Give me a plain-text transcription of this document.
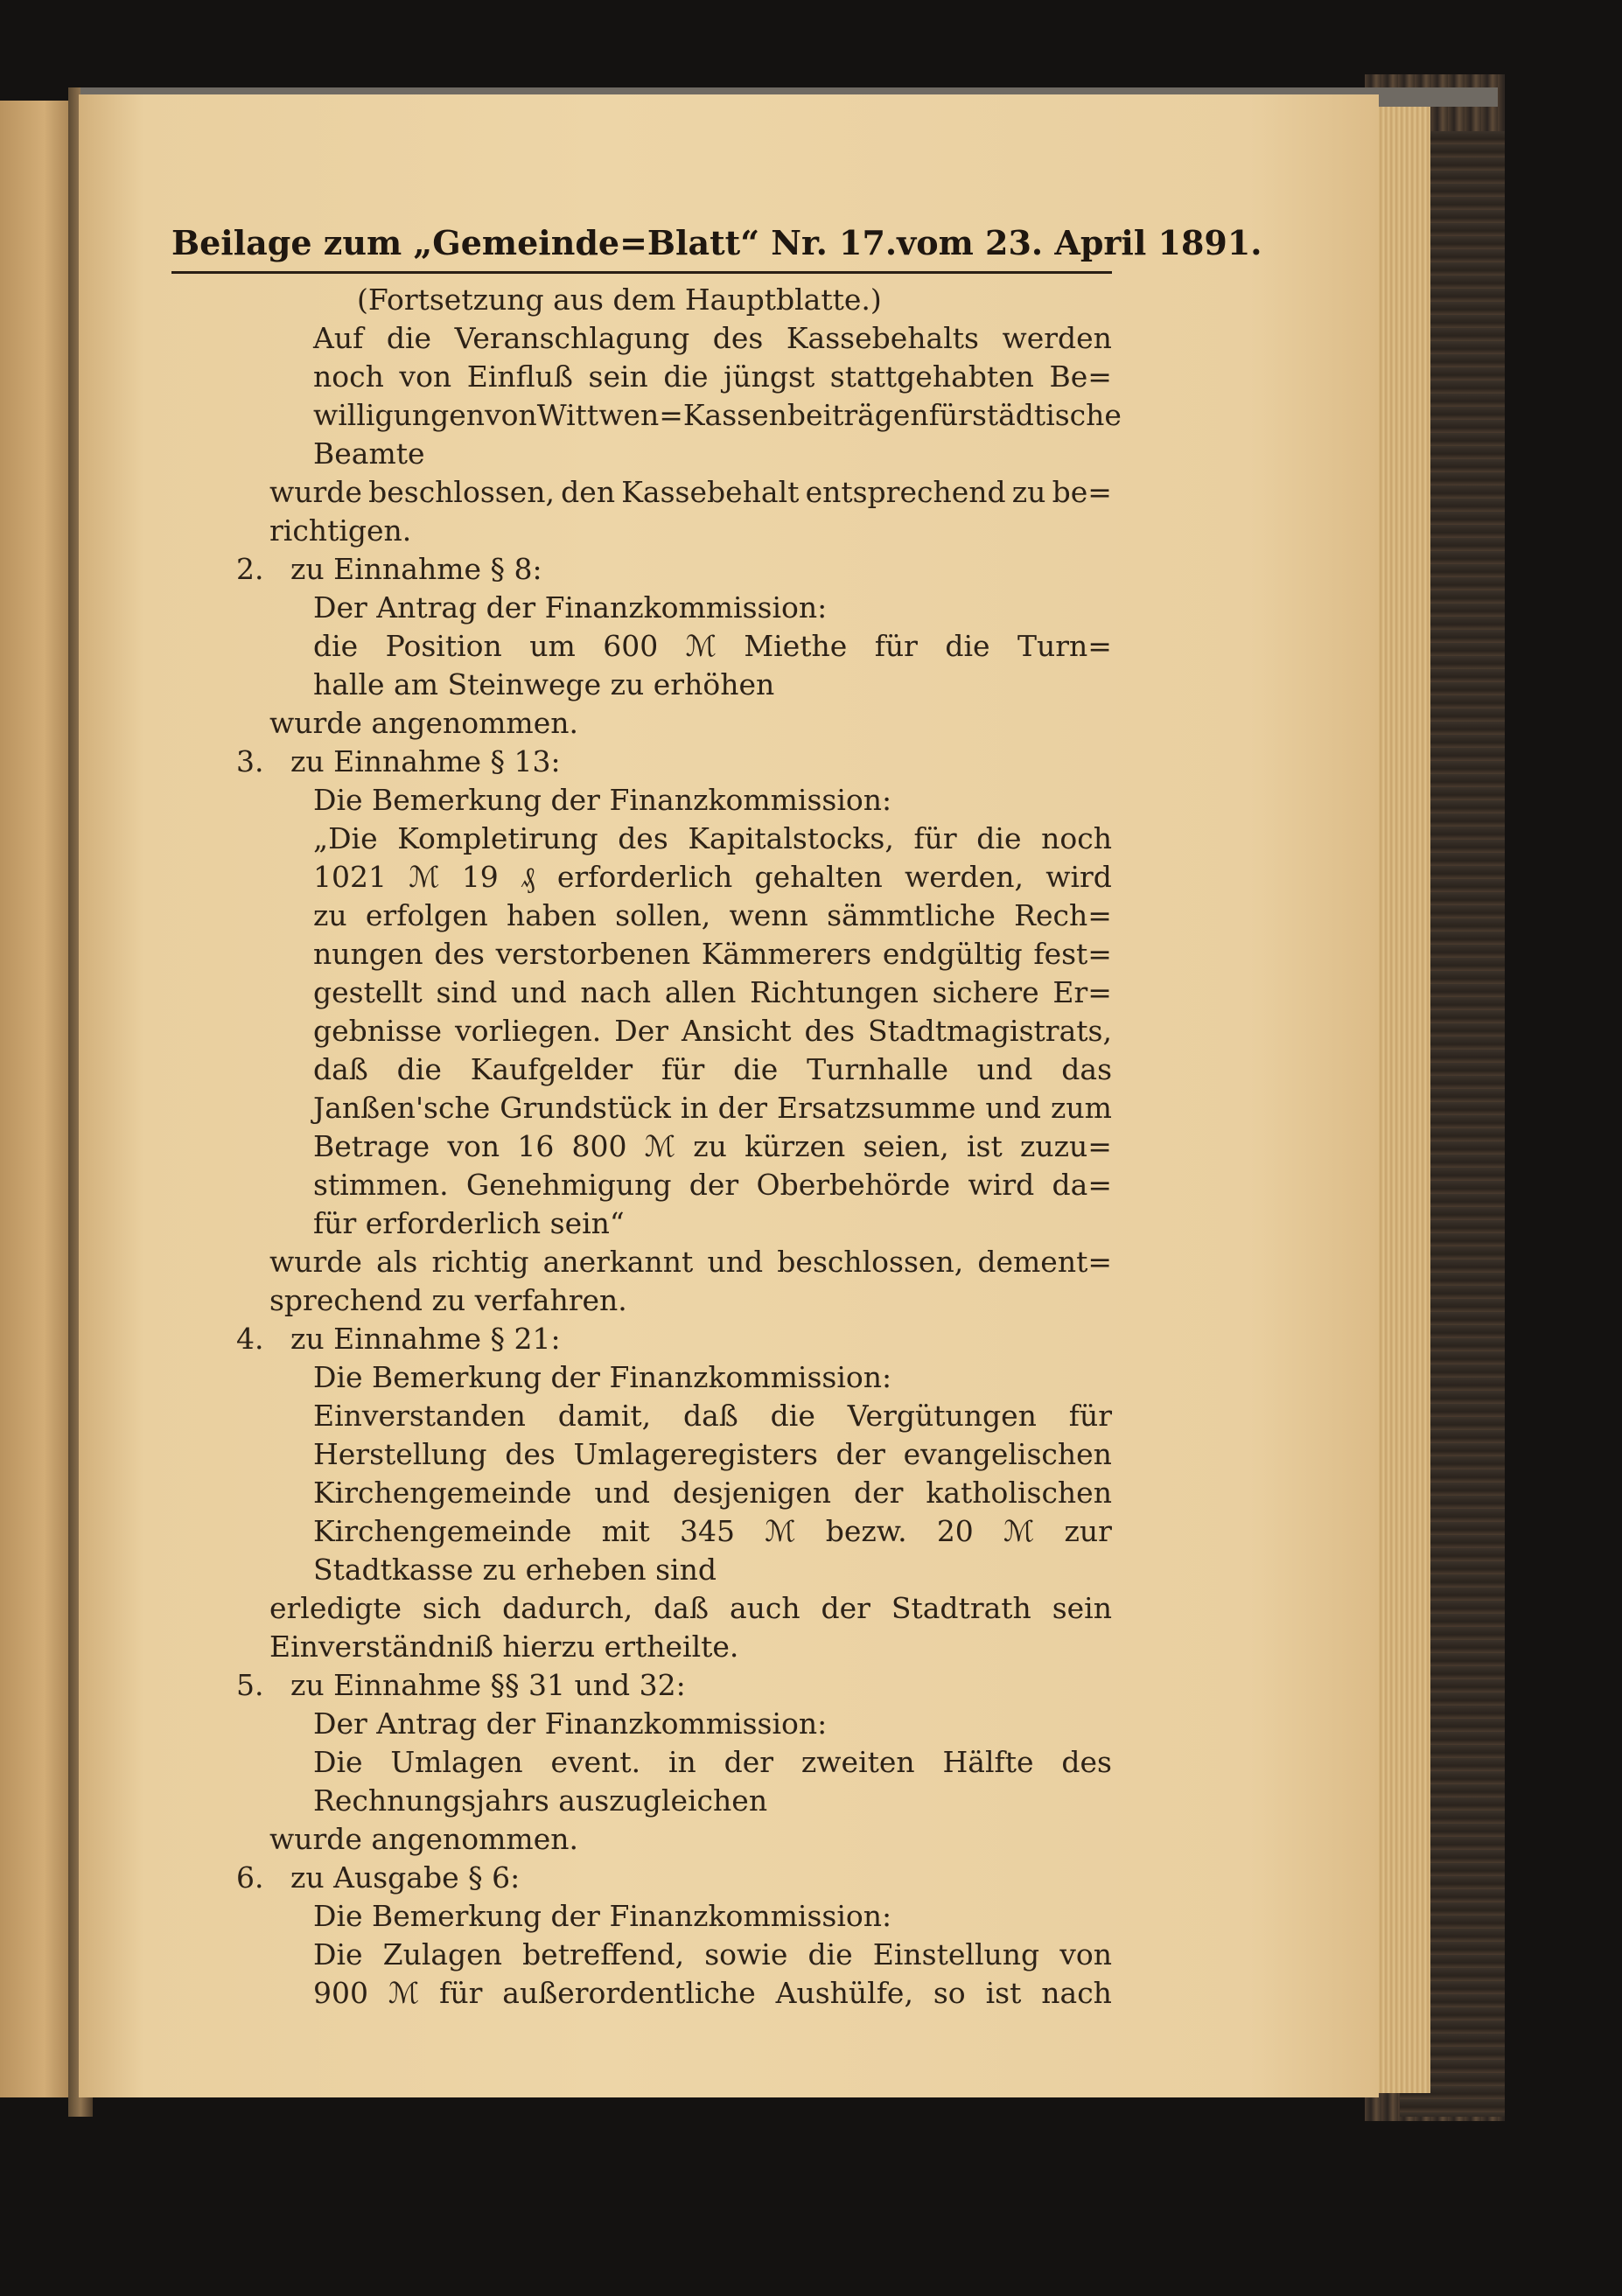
Beilage zum „Gemeinde=Blatt“ Nr. 17. vom 23. April 1891.
(Fortsetzung aus dem Hauptblatte.)
Auf die Veranschlagung des Kassebehalts werden
noch von Einfluß sein die jüngst stattgehabten Be=
willigungen von Wittwen=Kassenbeiträgen für städtische
Beamte
wurde beschlossen, den Kassebehalt entsprechend zu be=
richtigen.
2. zu Einnahme § 8:
Der Antrag der Finanzkommission:
die Position um 600 ℳ Miethe für die Turn=
halle am Steinwege zu erhöhen
wurde angenommen.
3. zu Einnahme § 13:
Die Bemerkung der Finanzkommission:
„Die Kompletirung des Kapitalstocks, für die noch
1021 ℳ 19 ₰ erforderlich gehalten werden, wird
zu erfolgen haben sollen, wenn sämmtliche Rech=
nungen des verstorbenen Kämmerers endgültig fest=
gestellt sind und nach allen Richtungen sichere Er=
gebnisse vorliegen. Der Ansicht des Stadtmagistrats,
daß die Kaufgelder für die Turnhalle und das
Janßen'sche Grundstück in der Ersatzsumme und zum
Betrage von 16 800 ℳ zu kürzen seien, ist zuzu=
stimmen. Genehmigung der Oberbehörde wird da=
für erforderlich sein“
wurde als richtig anerkannt und beschlossen, dement=
sprechend zu verfahren.
4. zu Einnahme § 21:
Die Bemerkung der Finanzkommission:
Einverstanden damit, daß die Vergütungen für
Herstellung des Umlageregisters der evangelischen
Kirchengemeinde und desjenigen der katholischen
Kirchengemeinde mit 345 ℳ bezw. 20 ℳ zur
Stadtkasse zu erheben sind
erledigte sich dadurch, daß auch der Stadtrath sein
Einverständniß hierzu ertheilte.
5. zu Einnahme §§ 31 und 32:
Der Antrag der Finanzkommission:
Die Umlagen event. in der zweiten Hälfte des
Rechnungsjahrs auszugleichen
wurde angenommen.
6. zu Ausgabe § 6:
Die Bemerkung der Finanzkommission:
Die Zulagen betreffend, sowie die Einstellung von
900 ℳ für außerordentliche Aushülfe, so ist nach
